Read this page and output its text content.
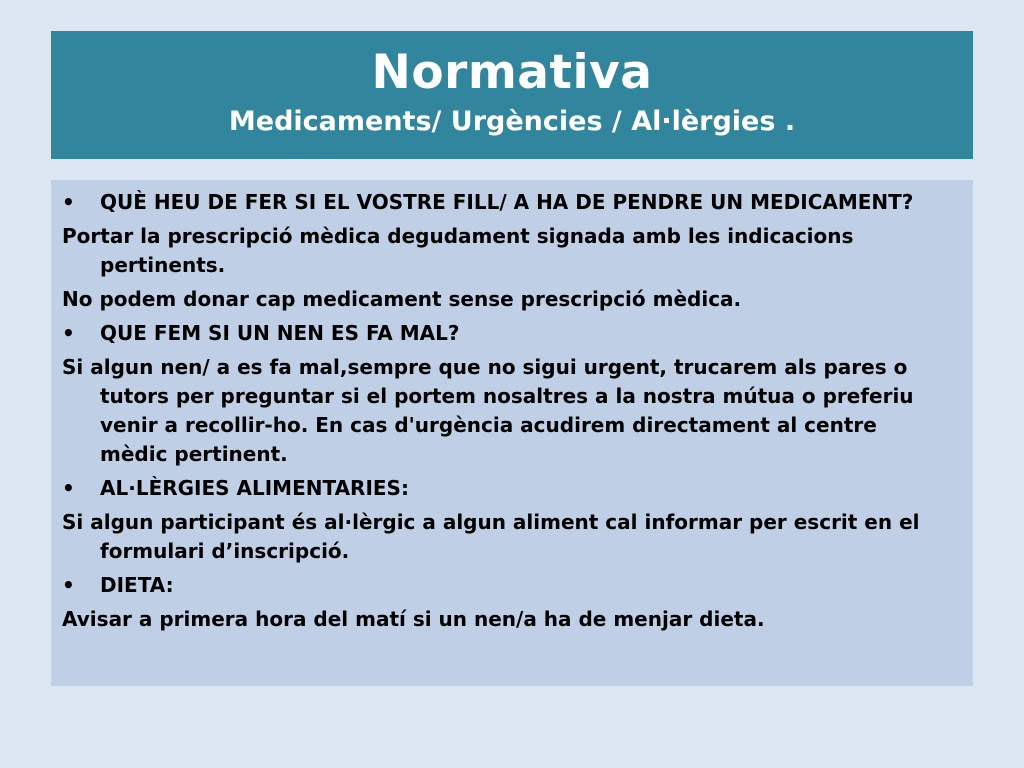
Normativa
Medicaments/ Urgències / Al·lèrgies .
• QUÈ HEU DE FER SI EL VOSTRE FILL/ A HA DE PENDRE UN MEDICAMENT?
Portar la prescripció mèdica degudament signada amb les indicacions pertinents.
No podem donar cap medicament sense prescripció mèdica.
• QUE FEM SI UN NEN ES FA MAL?
Si algun nen/ a es fa mal,sempre que no sigui urgent, trucarem als pares o tutors per preguntar si el portem nosaltres a la nostra mútua o preferiu venir a recollir-ho. En cas d'urgència acudirem directament al centre mèdic pertinent.
• AL·LÈRGIES ALIMENTARIES:
Si algun participant és al·lèrgic a algun aliment cal informar per escrit en el formulari d’inscripció.
• DIETA:
Avisar a primera hora del matí si un nen/a ha de menjar dieta.
